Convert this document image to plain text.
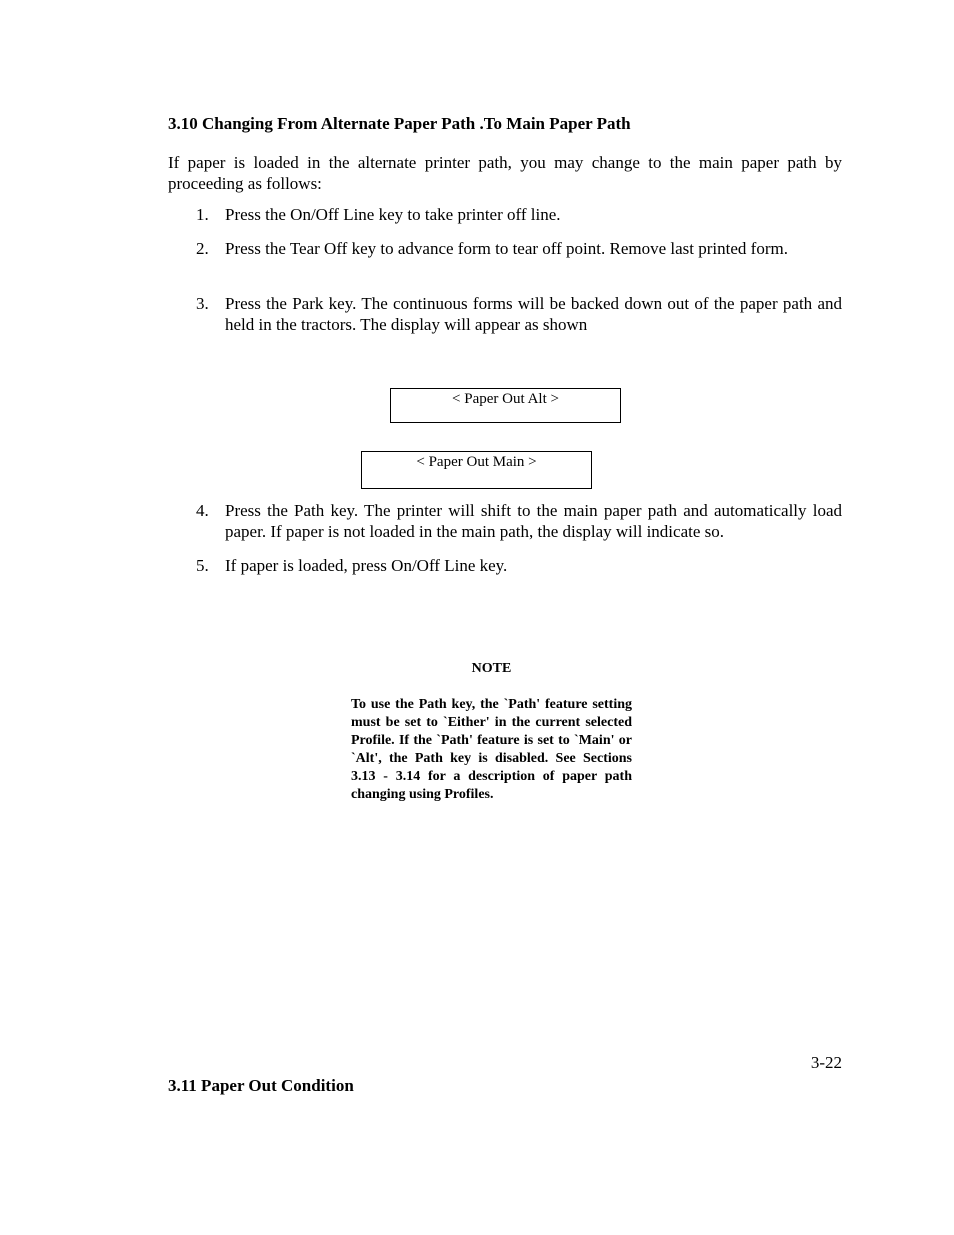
3.10 Changing From Alternate Paper Path .To Main Paper Path

If paper is loaded in the alternate printer path, you may change to the main paper path by proceeding as follows:

1. Press the On/Off Line key to take printer off line.
2. Press the Tear Off key to advance form to tear off point. Remove last printed form.
3. Press the Park key. The continuous forms will be backed down out of the paper path and held in the tractors. The display will appear as shown
< Paper Out Alt >
< Paper Out Main >
4. Press the Path key. The printer will shift to the main paper path and automatically load paper. If paper is not loaded in the main path, the display will indicate so.
5. If paper is loaded, press On/Off Line key.
NOTE
To use the Path key, the `Path' feature setting must be set to `Either' in the current selected Profile. If the `Path' feature is set to `Main' or `Alt', the Path key is disabled. See Sections 3.13 - 3.14 for a description of paper path changing using Profiles.
3-22
3.11 Paper Out Condition
